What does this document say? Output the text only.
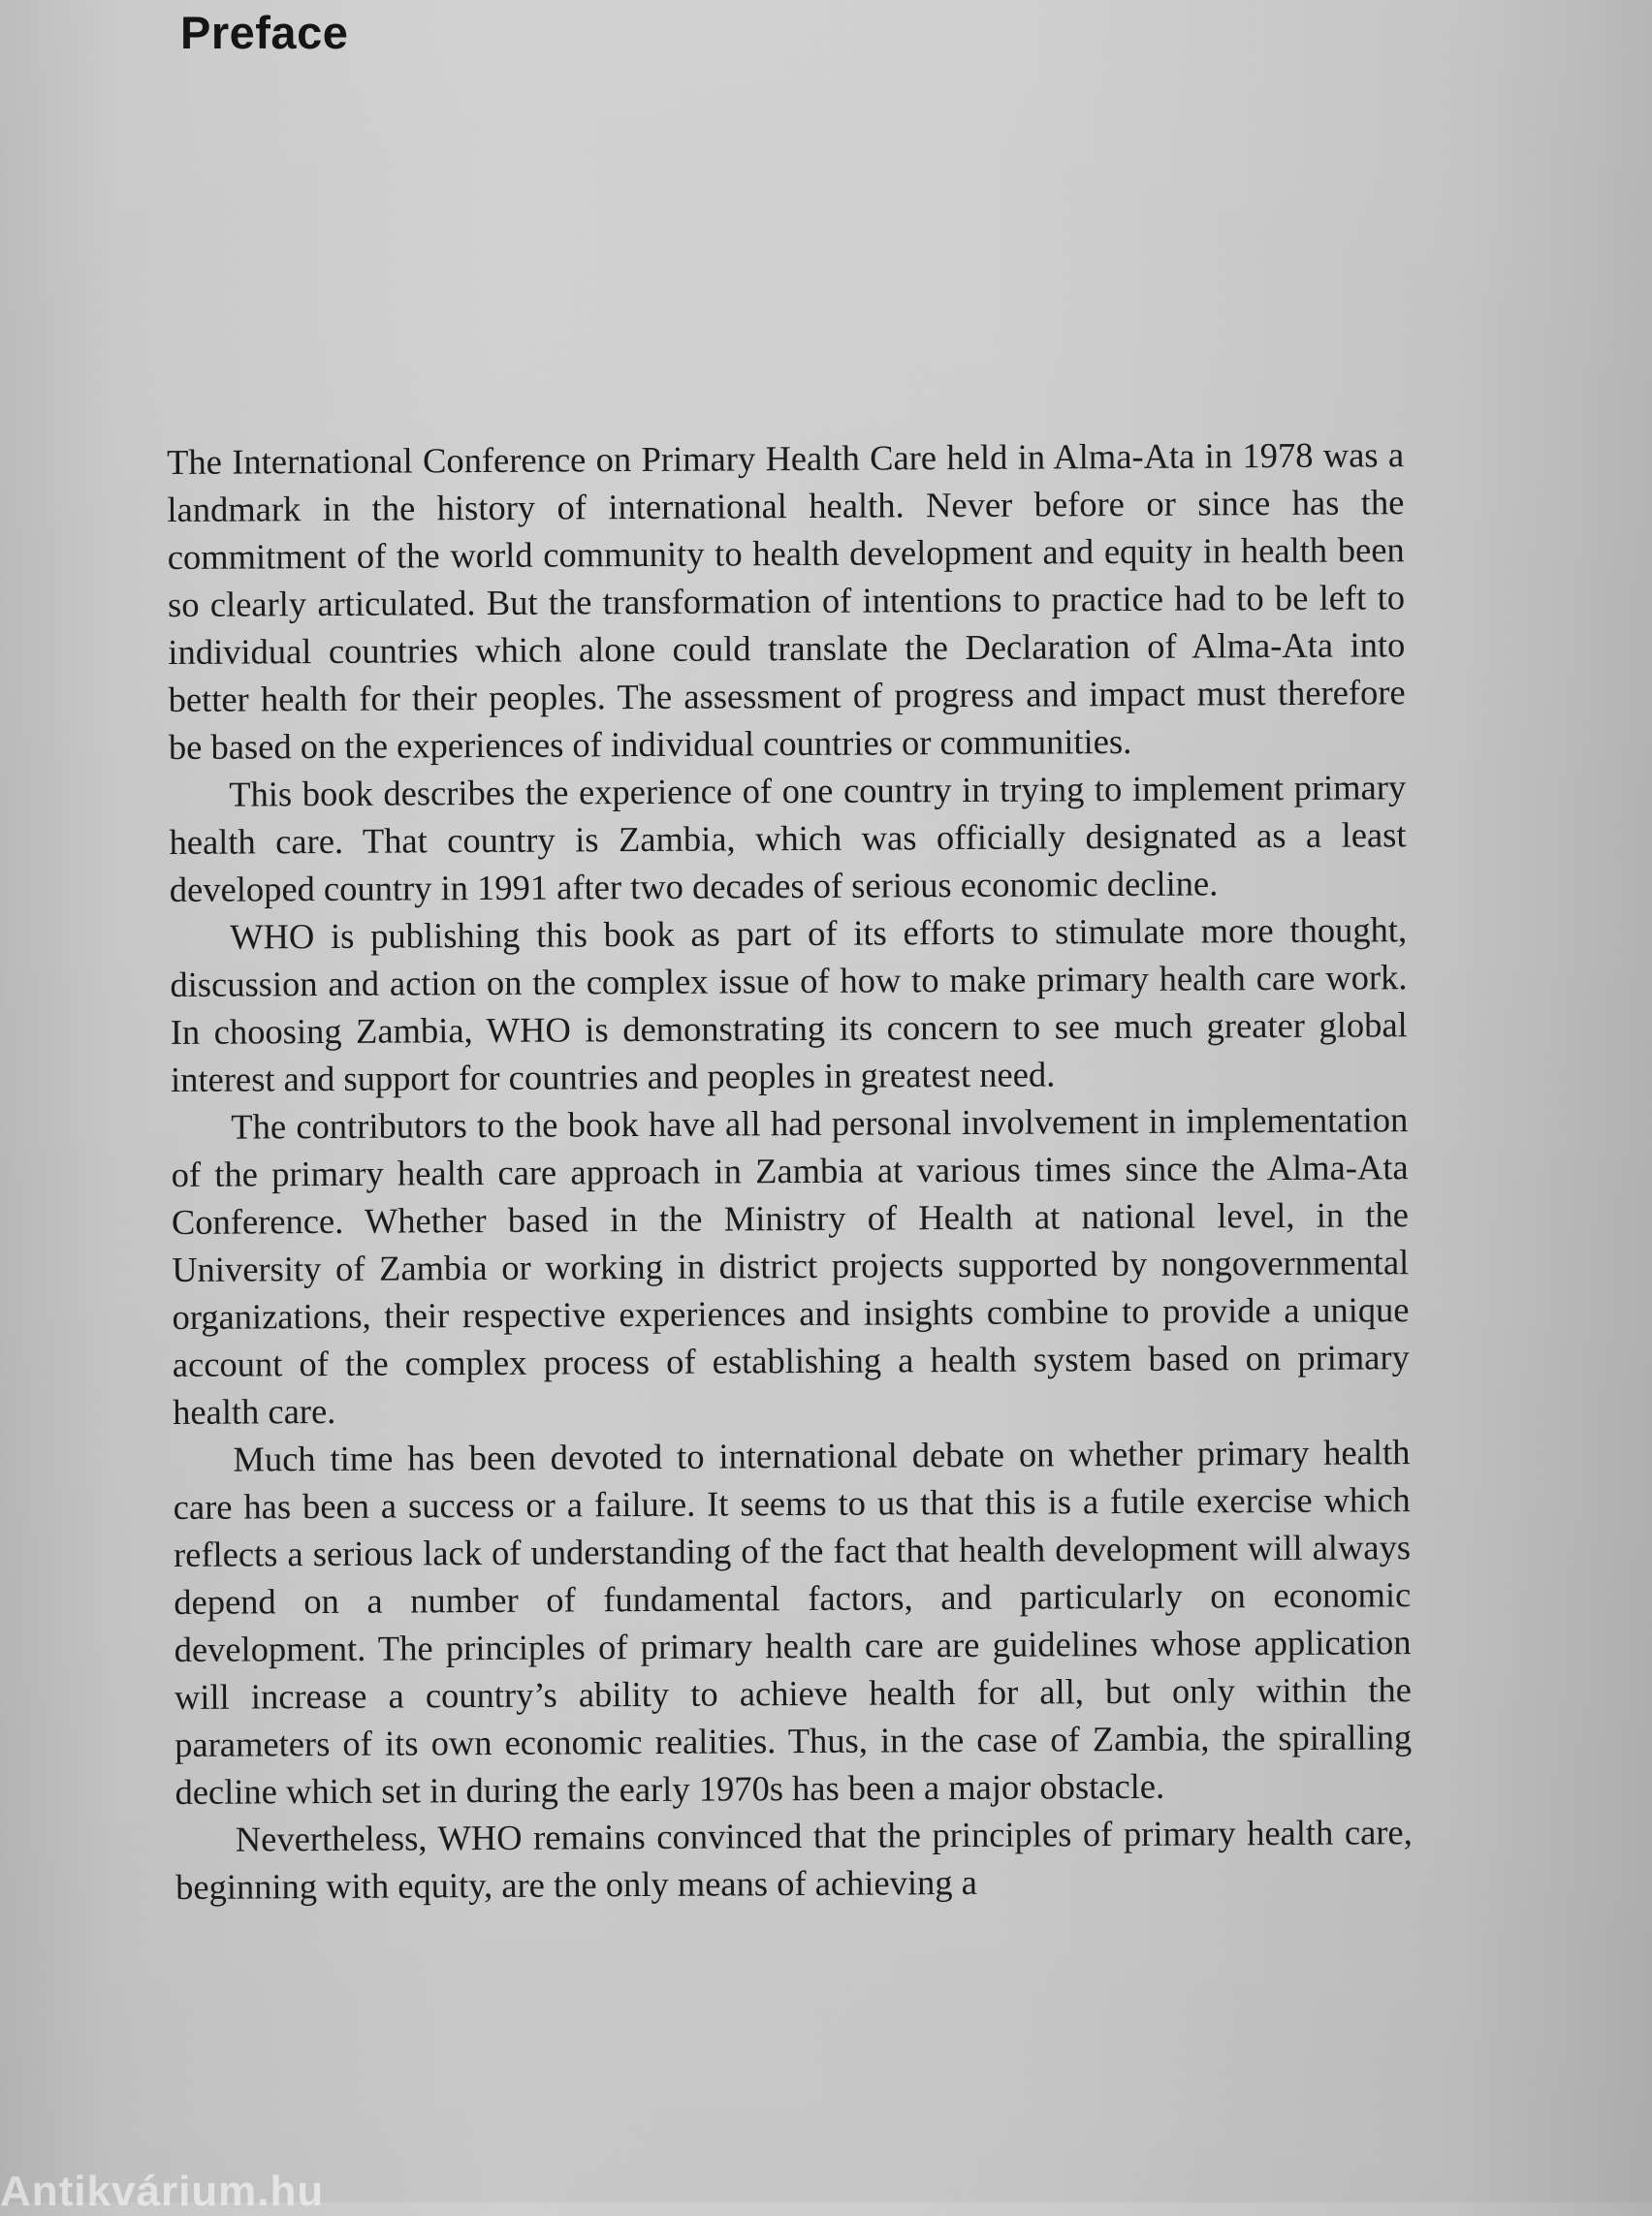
Preface

The International Conference on Primary Health Care held in Alma-Ata in 1978 was a landmark in the history of international health. Never before or since has the commitment of the world community to health development and equity in health been so clearly articulated. But the transformation of intentions to practice had to be left to individual countries which alone could translate the Declaration of Alma-Ata into better health for their peoples. The assessment of progress and impact must therefore be based on the experiences of individual countries or communities.

This book describes the experience of one country in trying to implement primary health care. That country is Zambia, which was officially designated as a least developed country in 1991 after two decades of serious economic decline.

WHO is publishing this book as part of its efforts to stimulate more thought, discussion and action on the complex issue of how to make primary health care work. In choosing Zambia, WHO is demonstrating its concern to see much greater global interest and support for countries and peoples in greatest need.

The contributors to the book have all had personal involvement in implementation of the primary health care approach in Zambia at various times since the Alma-Ata Conference. Whether based in the Ministry of Health at national level, in the University of Zambia or working in district projects supported by nongovernmental organizations, their respective experiences and insights combine to provide a unique account of the complex process of establishing a health system based on primary health care.

Much time has been devoted to international debate on whether primary health care has been a success or a failure. It seems to us that this is a futile exercise which reflects a serious lack of understanding of the fact that health development will always depend on a number of fundamental factors, and particularly on economic development. The principles of primary health care are guidelines whose application will increase a country’s ability to achieve health for all, but only within the parameters of its own economic realities. Thus, in the case of Zambia, the spiralling decline which set in during the early 1970s has been a major obstacle.

Nevertheless, WHO remains convinced that the principles of primary health care, beginning with equity, are the only means of achieving a

Antikvárium.hu
